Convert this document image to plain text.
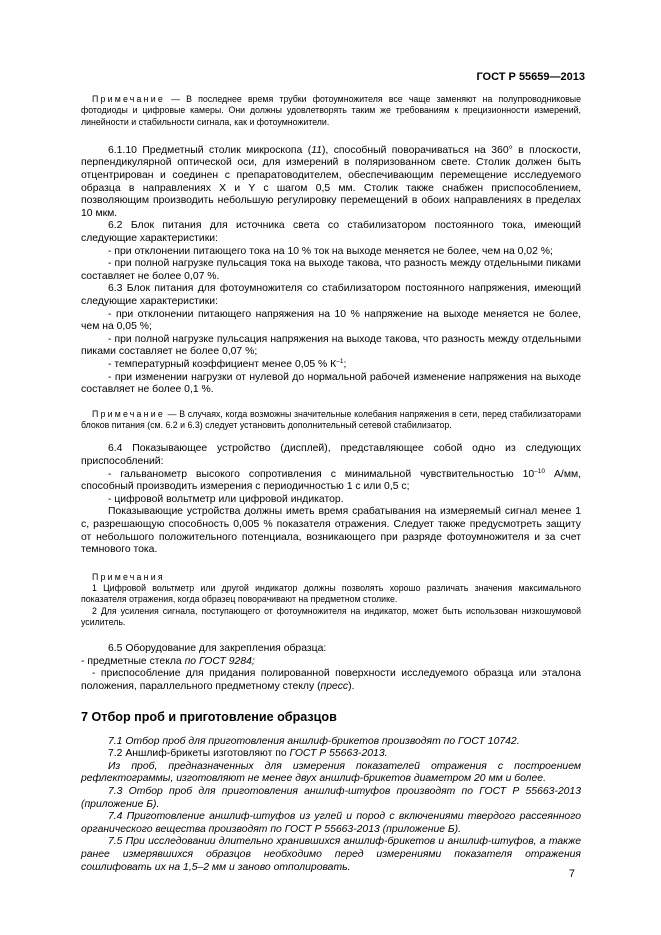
ГОСТ Р 55659—2013

Примечание — В последнее время трубки фотоумножителя все чаще заменяют на полупроводниковые фотодиоды и цифровые камеры. Они должны удовлетворять таким же требованиям к прецизионности измерений, линейности и стабильности сигнала, как и фотоумножители.

6.1.10 Предметный столик микроскопа (11), способный поворачиваться на 360° в плоскости, перпендикулярной оптической оси, для измерений в поляризованном свете. Столик должен быть отцентрирован и соединен с препаратоводителем, обеспечивающим перемещение исследуемого образца в направлениях X и Y с шагом 0,5 мм. Столик также снабжен приспособлением, позволяющим производить небольшую регулировку перемещений в обоих направлениях в пределах 10 мкм.

6.2 Блок питания для источника света со стабилизатором постоянного тока, имеющий следующие характеристики:

- при отклонении питающего тока на 10 % ток на выходе меняется не более, чем на 0,02 %;

- при полной нагрузке пульсация тока на выходе такова, что разность между отдельными пиками составляет не более 0,07 %.

6.3 Блок питания для фотоумножителя со стабилизатором постоянного напряжения, имеющий следующие характеристики:

- при отклонении питающего напряжения на 10 % напряжение на выходе меняется не более, чем на 0,05 %;

- при полной нагрузке пульсация напряжения на выходе такова, что разность между отдельными пиками составляет не более 0,07 %;

- температурный коэффициент менее 0,05 % $К^{-1}$;

- при изменении нагрузки от нулевой до нормальной рабочей изменение напряжения на выходе составляет не более 0,1 %.

Примечание — В случаях, когда возможны значительные колебания напряжения в сети, перед стабилизаторами блоков питания (см. 6.2 и 6.3) следует установить дополнительный сетевой стабилизатор.

6.4 Показывающее устройство (дисплей), представляющее собой одно из следующих приспособлений:

- гальванометр высокого сопротивления с минимальной чувствительностью $10^{-10}$ А/мм, способный производить измерения с периодичностью 1 с или 0,5 с;

- цифровой вольтметр или цифровой индикатор.

Показывающие устройства должны иметь время срабатывания на измеряемый сигнал менее 1 с, разрешающую способность 0,005 % показателя отражения. Следует также предусмотреть защиту от небольшого положительного потенциала, возникающего при разряде фотоумножителя и за счет темнового тока.

Примечания

1 Цифровой вольтметр или другой индикатор должны позволять хорошо различать значения максимального показателя отражения, когда образец поворачивают на предметном столике.

2 Для усиления сигнала, поступающего от фотоумножителя на индикатор, может быть использован низкошумовой усилитель.

6.5 Оборудование для закрепления образца:

- предметные стекла по ГОСТ 9284;

- приспособление для придания полированной поверхности исследуемого образца или эталона положения, параллельного предметному стеклу (пресс).

7 Отбор проб и приготовление образцов

7.1 Отбор проб для приготовления аншлиф-брикетов производят по ГОСТ 10742.

7.2 Аншлиф-брикеты изготовляют по ГОСТ Р 55663-2013.

Из проб, предназначенных для измерения показателей отражения с построением рефлектограммы, изготовляют не менее двух аншлиф-брикетов диаметром 20 мм и более.

7.3 Отбор проб для приготовления аншлиф-штуфов производят по ГОСТ Р 55663-2013 (приложение Б).

7.4 Приготовление аншлиф-штуфов из углей и пород с включениями твердого рассеянного органического вещества производят по ГОСТ Р 55663-2013 (приложение Б).

7.5 При исследовании длительно хранившихся аншлиф-брикетов и аншлиф-штуфов, а также ранее измерявшихся образцов необходимо перед измерениями показателя отражения сошлифовать их на 1,5–2 мм и заново отполировать.

7
